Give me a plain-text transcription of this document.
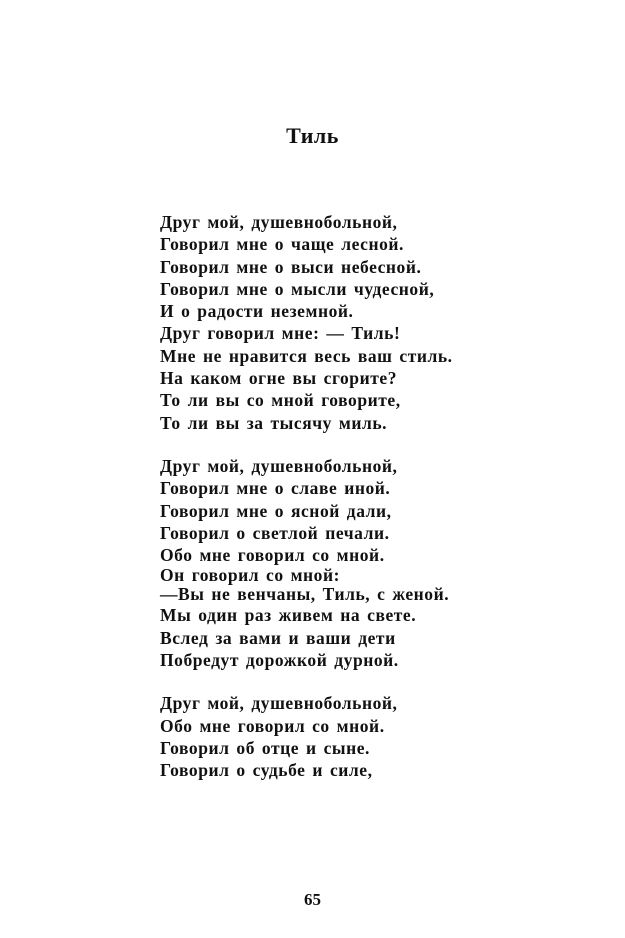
Тиль
Друг мой, душевнобольной,
Говорил мне о чаще лесной.
Говорил мне о выси небесной.
Говорил мне о мысли чудесной,
И о радости неземной.
Друг говорил мне: — Тиль!
Мне не нравится весь ваш стиль.
На каком огне вы сгорите?
То ли вы со мной говорите,
То ли вы за тысячу миль.
Друг мой, душевнобольной,
Говорил мне о славе иной.
Говорил мне о ясной дали,
Говорил о светлой печали.
Обо мне говорил со мной.
Он говорил со мной:
—Вы не венчаны, Тиль, с женой.
Мы один раз живем на свете.
Вслед за вами и ваши дети
Побредут дорожкой дурной.
Друг мой, душевнобольной,
Обо мне говорил со мной.
Говорил об отце и сыне.
Говорил о судьбе и силе,
65
